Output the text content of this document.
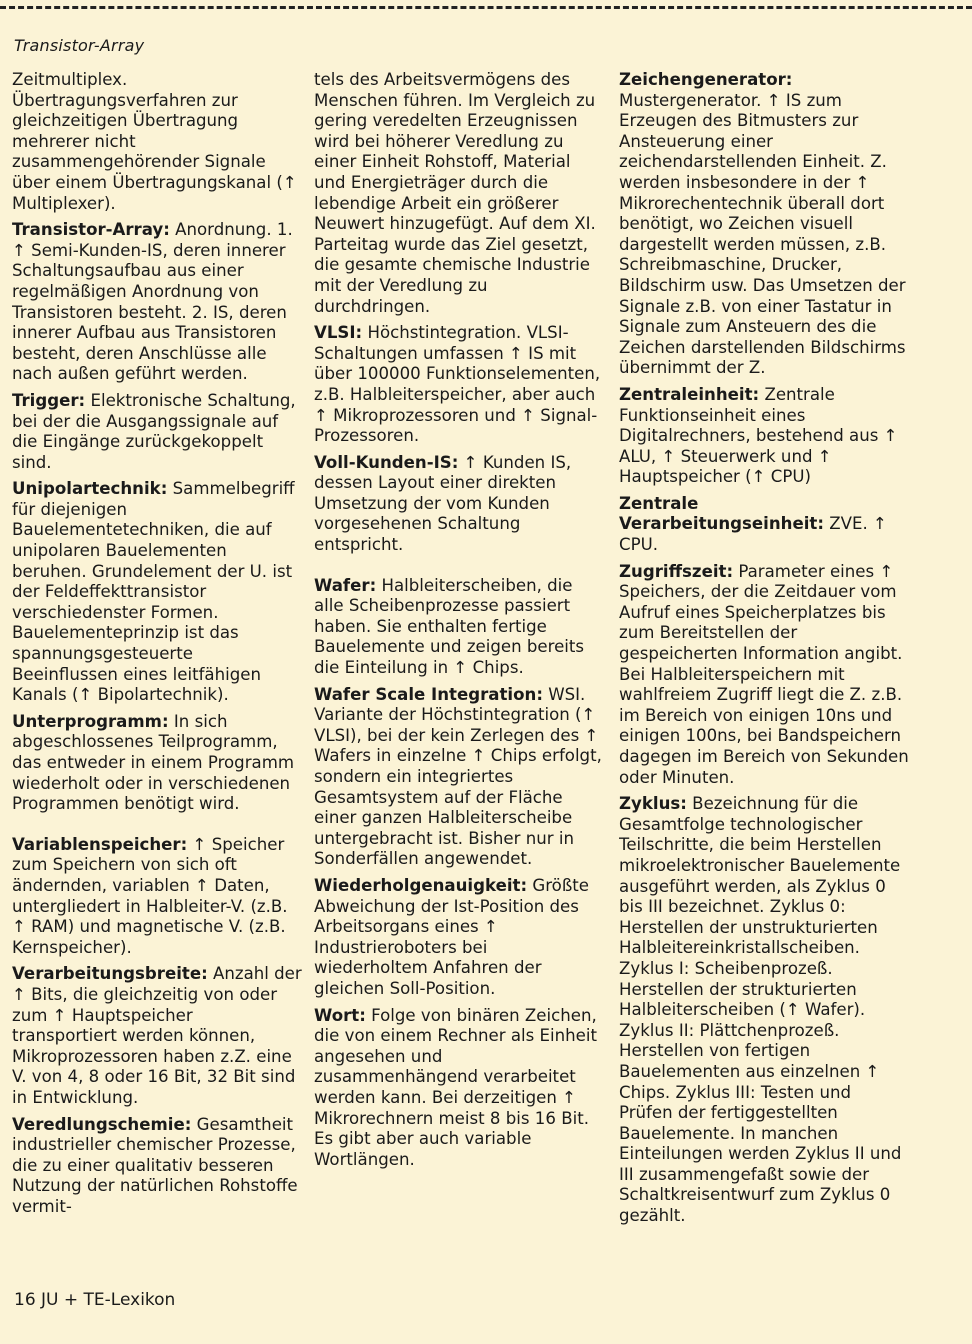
Transistor-Array

Zeitmultiplex. Übertragungsverfahren zur gleichzeitigen Übertragung mehrerer nicht zusammengehörender Signale über einem Übertragungskanal (↑ Multiplexer).

Transistor-Array: Anordnung. 1. ↑ Semi-Kunden-IS, deren innerer Schaltungsaufbau aus einer regelmäßigen Anordnung von Transistoren besteht. 2. IS, deren innerer Aufbau aus Transistoren besteht, deren Anschlüsse alle nach außen geführt werden.

Trigger: Elektronische Schaltung, bei der die Ausgangssignale auf die Eingänge zurückgekoppelt sind.

Unipolartechnik: Sammelbegriff für diejenigen Bauelementetechniken, die auf unipolaren Bauelementen beruhen. Grundelement der U. ist der Feldeffekttransistor verschiedenster Formen. Bauelementeprinzip ist das spannungsgesteuerte Beeinflussen eines leitfähigen Kanals (↑ Bipolartechnik).

Unterprogramm: In sich abgeschlossenes Teilprogramm, das entweder in einem Programm wiederholt oder in verschiedenen Programmen benötigt wird.

Variablenspeicher: ↑ Speicher zum Speichern von sich oft ändernden, variablen ↑ Daten, untergliedert in Halbleiter-V. (z.B. ↑ RAM) und magnetische V. (z.B. Kernspeicher).

Verarbeitungsbreite: Anzahl der ↑ Bits, die gleichzeitig von oder zum ↑ Hauptspeicher transportiert werden können, Mikroprozessoren haben z.Z. eine V. von 4, 8 oder 16 Bit, 32 Bit sind in Entwicklung.

Veredlungschemie: Gesamtheit industrieller chemischer Prozesse, die zu einer qualitativ besseren Nutzung der natürlichen Rohstoffe vermit-

tels des Arbeitsvermögens des Menschen führen. Im Vergleich zu gering veredelten Erzeugnissen wird bei höherer Veredlung zu einer Einheit Rohstoff, Material und Energieträger durch die lebendige Arbeit ein größerer Neuwert hinzugefügt. Auf dem XI. Parteitag wurde das Ziel gesetzt, die gesamte chemische Industrie mit der Veredlung zu durchdringen.

VLSI: Höchstintegration. VLSI-Schaltungen umfassen ↑ IS mit über 100000 Funktionselementen, z.B. Halbleiterspeicher, aber auch ↑ Mikroprozessoren und ↑ Signal-Prozessoren.

Voll-Kunden-IS: ↑ Kunden IS, dessen Layout einer direkten Umsetzung der vom Kunden vorgesehenen Schaltung entspricht.

Wafer: Halbleiterscheiben, die alle Scheibenprozesse passiert haben. Sie enthalten fertige Bauelemente und zeigen bereits die Einteilung in ↑ Chips.

Wafer Scale Integration: WSI. Variante der Höchstintegration (↑ VLSI), bei der kein Zerlegen des ↑ Wafers in einzelne ↑ Chips erfolgt, sondern ein integriertes Gesamtsystem auf der Fläche einer ganzen Halbleiterscheibe untergebracht ist. Bisher nur in Sonderfällen angewendet.

Wiederholgenauigkeit: Größte Abweichung der Ist-Position des Arbeitsorgans eines ↑ Industrieroboters bei wiederholtem Anfahren der gleichen Soll-Position.

Wort: Folge von binären Zeichen, die von einem Rechner als Einheit angesehen und zusammenhängend verarbeitet werden kann. Bei derzeitigen ↑ Mikrorechnern meist 8 bis 16 Bit. Es gibt aber auch variable Wortlängen.

Zeichengenerator: Mustergenerator. ↑ IS zum Erzeugen des Bitmusters zur Ansteuerung einer zeichendarstellenden Einheit. Z. werden insbesondere in der ↑ Mikrorechentechnik überall dort benötigt, wo Zeichen visuell dargestellt werden müssen, z.B. Schreibmaschine, Drucker, Bildschirm usw. Das Umsetzen der Signale z.B. von einer Tastatur in Signale zum Ansteuern des die Zeichen darstellenden Bildschirms übernimmt der Z.

Zentraleinheit: Zentrale Funktionseinheit eines Digitalrechners, bestehend aus ↑ ALU, ↑ Steuerwerk und ↑ Hauptspeicher (↑ CPU)

Zentrale Verarbeitungseinheit: ZVE. ↑ CPU.

Zugriffszeit: Parameter eines ↑ Speichers, der die Zeitdauer vom Aufruf eines Speicherplatzes bis zum Bereitstellen der gespeicherten Information angibt. Bei Halbleiterspeichern mit wahlfreiem Zugriff liegt die Z. z.B. im Bereich von einigen 10ns und einigen 100ns, bei Bandspeichern dagegen im Bereich von Sekunden oder Minuten.

Zyklus: Bezeichnung für die Gesamtfolge technologischer Teilschritte, die beim Herstellen mikroelektronischer Bauelemente ausgeführt werden, als Zyklus 0 bis III bezeichnet. Zyklus 0: Herstellen der unstrukturierten Halbleitereinkristallscheiben. Zyklus I: Scheibenprozeß. Herstellen der strukturierten Halbleiterscheiben (↑ Wafer). Zyklus II: Plättchenprozeß. Herstellen von fertigen Bauelementen aus einzelnen ↑ Chips. Zyklus III: Testen und Prüfen der fertiggestellten Bauelemente. In manchen Einteilungen werden Zyklus II und III zusammengefaßt sowie der Schaltkreisentwurf zum Zyklus 0 gezählt.

16 JU + TE-Lexikon
